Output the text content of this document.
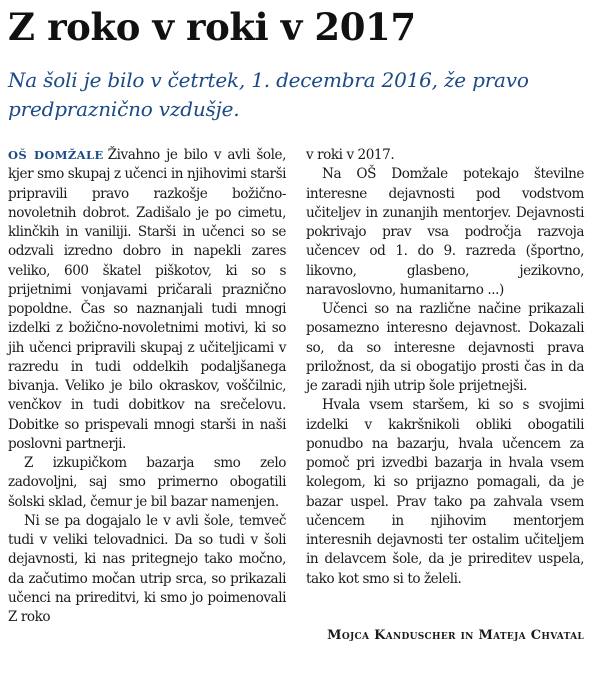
Z roko v roki v 2017

Na šoli je bilo v četrtek, 1. decembra 2016, že pravo predpraznično vzdušje.

OŠ DOMŽALE Živahno je bilo v avli šole, kjer smo skupaj z učenci in njihovimi starši pripravili pravo razkošje božično-novoletnih dobrot. Zadišalo je po cimetu, klinčkih in vaniliji. Starši in učenci so se odzvali izredno dobro in napekli zares veliko, 600 škatel piškotov, ki so s prijetnimi vonjavami pričarali praznično popoldne. Čas so naznanjali tudi mnogi izdelki z božično-novoletnimi motivi, ki so jih učenci pripravili skupaj z učiteljicami v razredu in tudi oddelkih podaljšanega bivanja. Veliko je bilo okraskov, voščilnic, venčkov in tudi dobitkov na srečelovu. Dobitke so prispevali mnogi starši in naši poslovni partnerji.

Z izkupičkom bazarja smo zelo zadovoljni, saj smo primerno obogatili šolski sklad, čemur je bil bazar namenjen.

Ni se pa dogajalo le v avli šole, temveč tudi v veliki telovadnici. Da so tudi v šoli dejavnosti, ki nas pritegnejo tako močno, da začutimo močan utrip srca, so prikazali učenci na prireditvi, ki smo jo poimenovali Z roko

v roki v 2017.

Na OŠ Domžale potekajo številne interesne dejavnosti pod vodstvom učiteljev in zunanjih mentorjev. Dejavnosti pokrivajo prav vsa področja razvoja učencev od 1. do 9. razreda (športno, likovno, glasbeno, jezikovno, naravoslovno, humanitarno ...)

Učenci so na različne načine prikazali posamezno interesno dejavnost. Dokazali so, da so interesne dejavnosti prava priložnost, da si obogatijo prosti čas in da je zaradi njih utrip šole prijetnejši.

Hvala vsem staršem, ki so s svojimi izdelki v kakršnikoli obliki obogatili ponudbo na bazarju, hvala učencem za pomoč pri izvedbi bazarja in hvala vsem kolegom, ki so prijazno pomagali, da je bazar uspel. Prav tako pa zahvala vsem učencem in njihovim mentorjem interesnih dejavnosti ter ostalim učiteljem in delavcem šole, da je prireditev uspela, tako kot smo si to želeli.

Mojca Kanduscher in Mateja Chvatal
